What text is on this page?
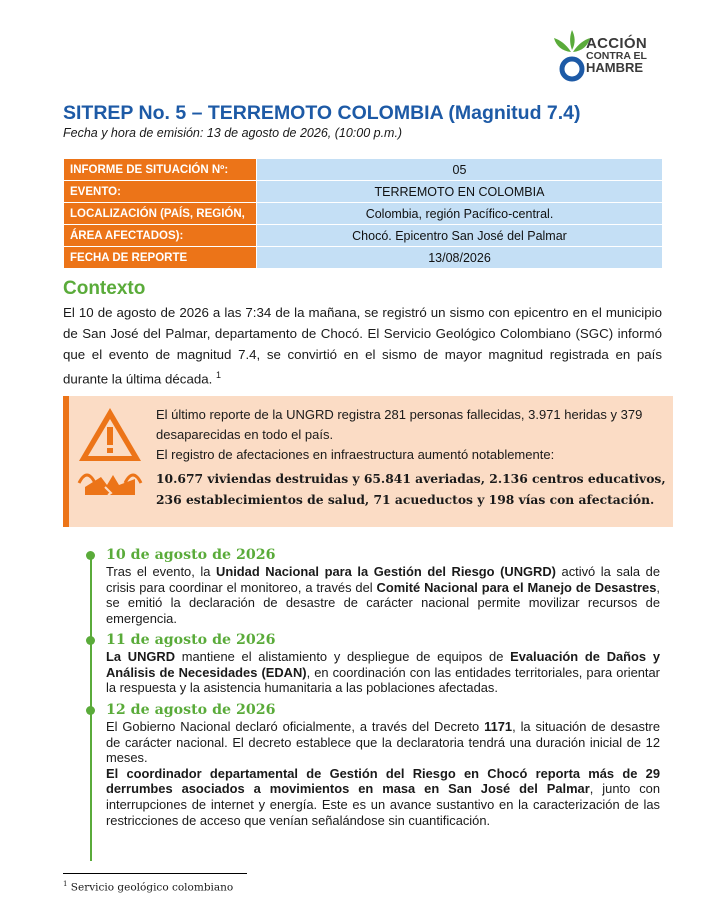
ACCIÓN
CONTRA EL
HAMBRE
SITREP No. 5 – TERREMOTO COLOMBIA (Magnitud 7.4)
Fecha y hora de emisión: 13 de agosto de 2026, (10:00 p.m.)
INFORME DE SITUACIÓN Nº:	05
EVENTO:	TERREMOTO EN COLOMBIA
LOCALIZACIÓN (PAÍS, REGIÓN,	Colombia, región Pacífico-central.
ÁREA AFECTADOS):	Chocó. Epicentro San José del Palmar
FECHA DE REPORTE	13/08/2026
Contexto

El 10 de agosto de 2026 a las 7:34 de la mañana, se registró un sismo con epicentro en el municipio de San José del Palmar, departamento de Chocó. El Servicio Geológico Colombiano (SGC) informó que el evento de magnitud 7.4, se convirtió en el sismo de mayor magnitud registrada en país durante la última década. $^1$

El último reporte de la UNGRD registra 281 personas fallecidas, 3.971 heridas y 379 desaparecidas en todo el país.

El registro de afectaciones en infraestructura aumentó notablemente:

10.677 viviendas destruidas y 65.841 averiadas, 2.136 centros educativos, 236 establecimientos de salud, 71 acueductos y 198 vías con afectación.
10 de agosto de 2026

Tras el evento, la Unidad Nacional para la Gestión del Riesgo (UNGRD) activó la sala de crisis para coordinar el monitoreo, a través del Comité Nacional para el Manejo de Desastres, se emitió la declaración de desastre de carácter nacional permite movilizar recursos de emergencia.

11 de agosto de 2026

La UNGRD mantiene el alistamiento y despliegue de equipos de Evaluación de Daños y Análisis de Necesidades (EDAN), en coordinación con las entidades territoriales, para orientar la respuesta y la asistencia humanitaria a las poblaciones afectadas.

12 de agosto de 2026

El Gobierno Nacional declaró oficialmente, a través del Decreto 1171, la situación de desastre de carácter nacional. El decreto establece que la declaratoria tendrá una duración inicial de 12 meses.

El coordinador departamental de Gestión del Riesgo en Chocó reporta más de 29 derrumbes asociados a movimientos en masa en San José del Palmar, junto con interrupciones de internet y energía. Este es un avance sustantivo en la caracterización de las restricciones de acceso que venían señalándose sin cuantificación.

$^1$ Servicio geológico colombiano
